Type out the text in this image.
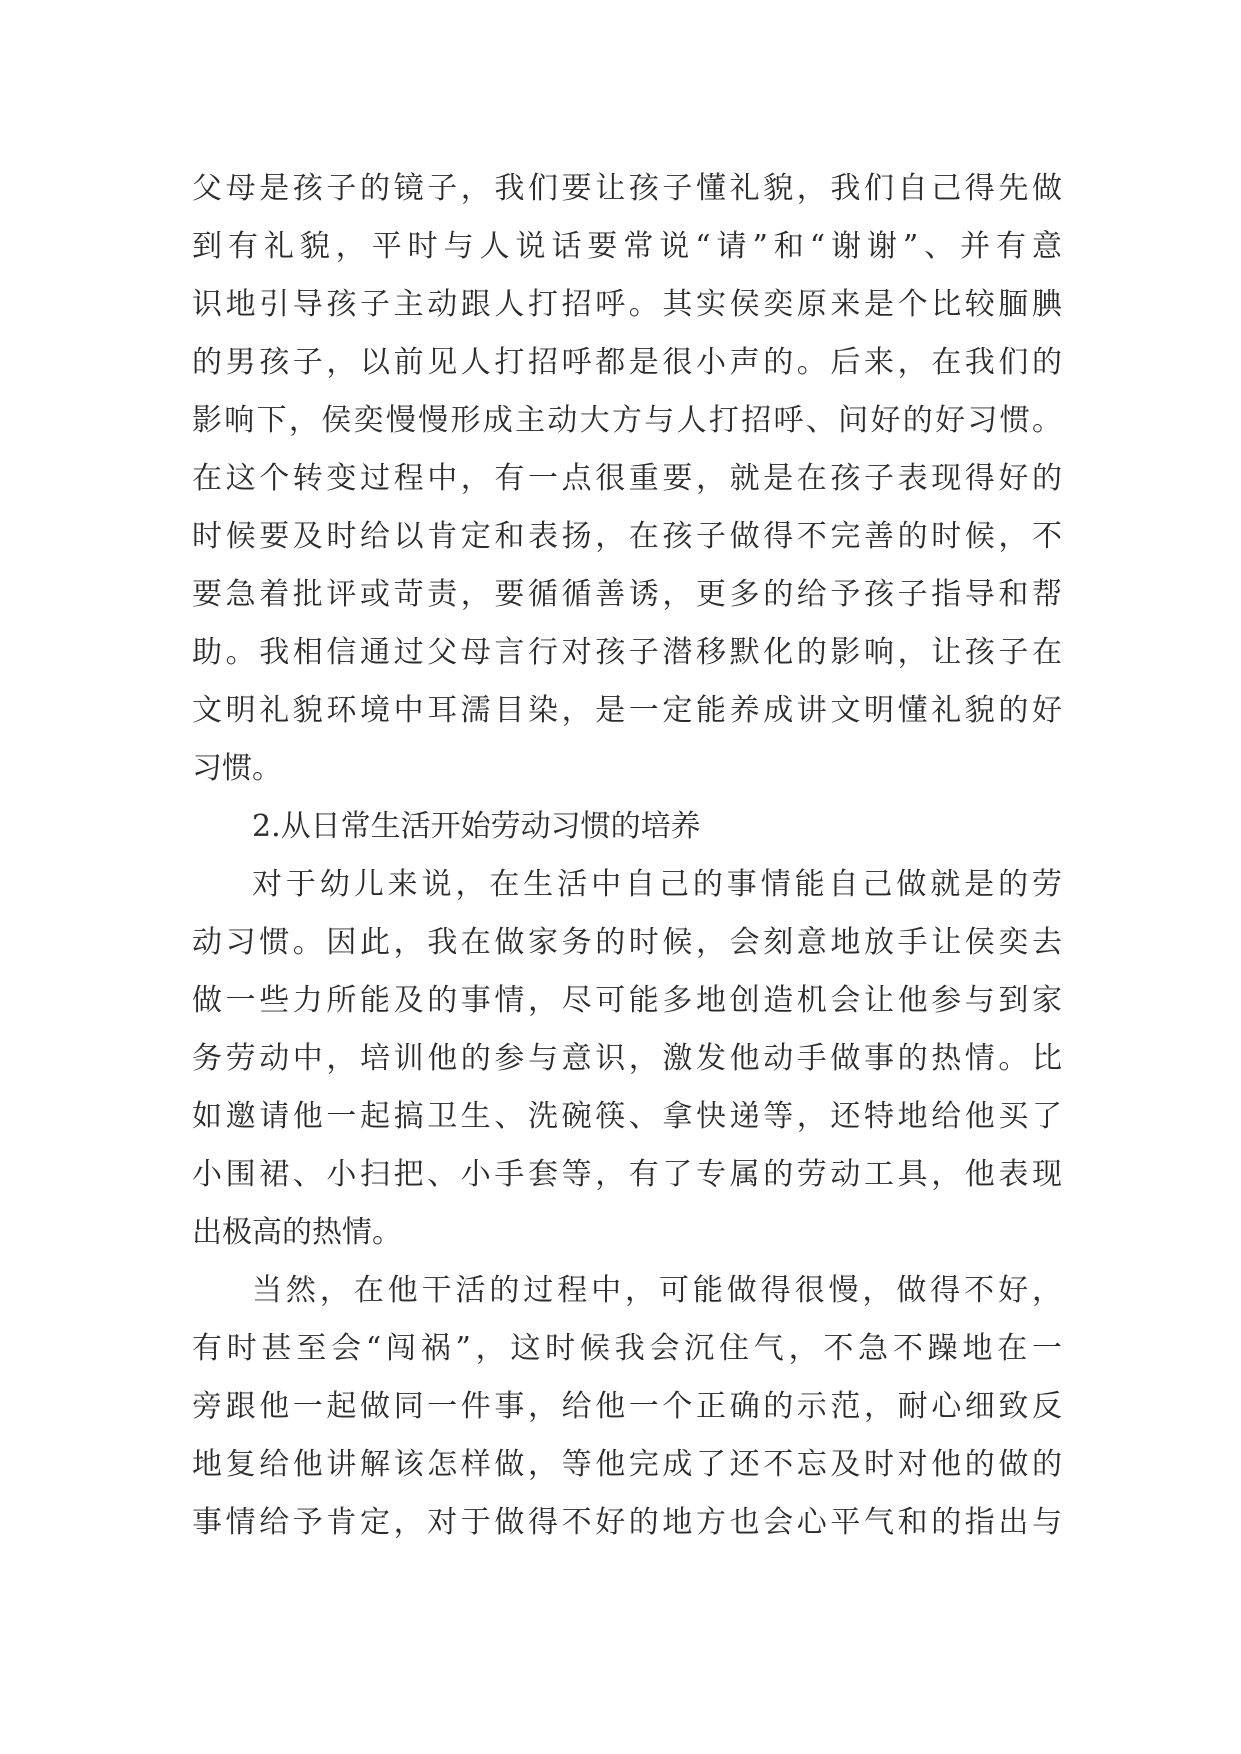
父母是孩子的镜子，我们要让孩子懂礼貌，我们自己得先做
到有礼貌，平时与人说话要常说“请”和“谢谢”、并有意
识地引导孩子主动跟人打招呼。其实侯奕原来是个比较腼腆
的男孩子，以前见人打招呼都是很小声的。后来，在我们的
影响下，侯奕慢慢形成主动大方与人打招呼、问好的好习惯。
在这个转变过程中，有一点很重要，就是在孩子表现得好的
时候要及时给以肯定和表扬，在孩子做得不完善的时候，不
要急着批评或苛责，要循循善诱，更多的给予孩子指导和帮
助。我相信通过父母言行对孩子潜移默化的影响，让孩子在
文明礼貌环境中耳濡目染，是一定能养成讲文明懂礼貌的好
习惯。
2.从日常生活开始劳动习惯的培养
对于幼儿来说，在生活中自己的事情能自己做就是的劳
动习惯。因此，我在做家务的时候，会刻意地放手让侯奕去
做一些力所能及的事情，尽可能多地创造机会让他参与到家
务劳动中，培训他的参与意识，激发他动手做事的热情。比
如邀请他一起搞卫生、洗碗筷、拿快递等，还特地给他买了
小围裙、小扫把、小手套等，有了专属的劳动工具，他表现
出极高的热情。
当然，在他干活的过程中，可能做得很慢，做得不好，
有时甚至会“闯祸”，这时候我会沉住气，不急不躁地在一
旁跟他一起做同一件事，给他一个正确的示范，耐心细致反
地复给他讲解该怎样做，等他完成了还不忘及时对他的做的
事情给予肯定，对于做得不好的地方也会心平气和的指出与
